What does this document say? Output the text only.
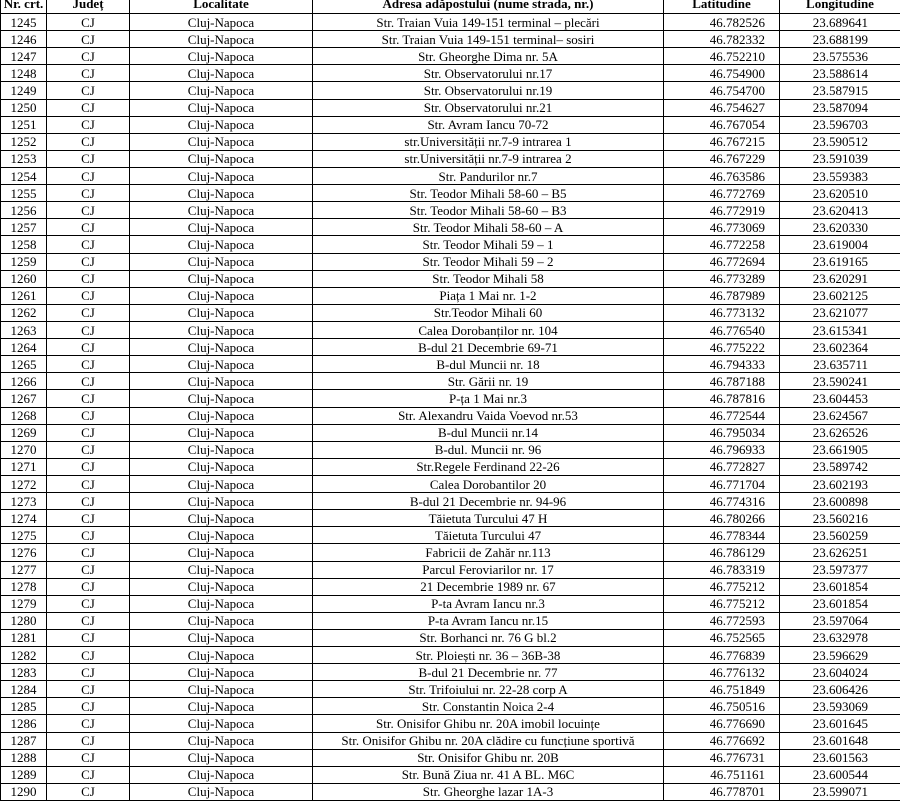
Nr. crt.	Județ	Localitate	Adresa adăpostului (nume strada, nr.)	Latitudine	Longitudine
1245	CJ	Cluj-Napoca	Str. Traian Vuia 149-151 terminal – plecări	46.782526	23.689641
1246	CJ	Cluj-Napoca	Str. Traian Vuia 149-151 terminal– sosiri	46.782332	23.688199
1247	CJ	Cluj-Napoca	Str. Gheorghe Dima nr. 5A	46.752210	23.575536
1248	CJ	Cluj-Napoca	Str. Observatorului nr.17	46.754900	23.588614
1249	CJ	Cluj-Napoca	Str. Observatorului nr.19	46.754700	23.587915
1250	CJ	Cluj-Napoca	Str. Observatorului nr.21	46.754627	23.587094
1251	CJ	Cluj-Napoca	Str. Avram Iancu 70-72	46.767054	23.596703
1252	CJ	Cluj-Napoca	str.Universității nr.7-9 intrarea 1	46.767215	23.590512
1253	CJ	Cluj-Napoca	str.Universității nr.7-9 intrarea 2	46.767229	23.591039
1254	CJ	Cluj-Napoca	Str. Pandurilor nr.7	46.763586	23.559383
1255	CJ	Cluj-Napoca	Str. Teodor Mihali 58-60 – B5	46.772769	23.620510
1256	CJ	Cluj-Napoca	Str. Teodor Mihali 58-60 – B3	46.772919	23.620413
1257	CJ	Cluj-Napoca	Str. Teodor Mihali 58-60 – A	46.773069	23.620330
1258	CJ	Cluj-Napoca	Str. Teodor Mihali 59 – 1	46.772258	23.619004
1259	CJ	Cluj-Napoca	Str. Teodor Mihali 59 – 2	46.772694	23.619165
1260	CJ	Cluj-Napoca	Str. Teodor Mihali 58	46.773289	23.620291
1261	CJ	Cluj-Napoca	Piața 1 Mai nr. 1-2	46.787989	23.602125
1262	CJ	Cluj-Napoca	Str.Teodor Mihali 60	46.773132	23.621077
1263	CJ	Cluj-Napoca	Calea Dorobanților nr. 104	46.776540	23.615341
1264	CJ	Cluj-Napoca	B-dul 21 Decembrie 69-71	46.775222	23.602364
1265	CJ	Cluj-Napoca	B-dul Muncii nr. 18	46.794333	23.635711
1266	CJ	Cluj-Napoca	Str. Gării nr. 19	46.787188	23.590241
1267	CJ	Cluj-Napoca	P-ța 1 Mai nr.3	46.787816	23.604453
1268	CJ	Cluj-Napoca	Str. Alexandru Vaida Voevod nr.53	46.772544	23.624567
1269	CJ	Cluj-Napoca	B-dul Muncii nr.14	46.795034	23.626526
1270	CJ	Cluj-Napoca	B-dul. Muncii nr. 96	46.796933	23.661905
1271	CJ	Cluj-Napoca	Str.Regele Ferdinand 22-26	46.772827	23.589742
1272	CJ	Cluj-Napoca	Calea Dorobantilor 20	46.771704	23.602193
1273	CJ	Cluj-Napoca	B-dul 21 Decembrie nr. 94-96	46.774316	23.600898
1274	CJ	Cluj-Napoca	Tăietuta Turcului 47 H	46.780266	23.560216
1275	CJ	Cluj-Napoca	Tăietuta Turcului 47	46.778344	23.560259
1276	CJ	Cluj-Napoca	Fabricii de Zahăr nr.113	46.786129	23.626251
1277	CJ	Cluj-Napoca	Parcul Feroviarilor nr. 17	46.783319	23.597377
1278	CJ	Cluj-Napoca	21 Decembrie 1989 nr. 67	46.775212	23.601854
1279	CJ	Cluj-Napoca	P-ta Avram Iancu nr.3	46.775212	23.601854
1280	CJ	Cluj-Napoca	P-ta Avram Iancu nr.15	46.772593	23.597064
1281	CJ	Cluj-Napoca	Str. Borhanci nr. 76 G bl.2	46.752565	23.632978
1282	CJ	Cluj-Napoca	Str. Ploiești nr. 36 – 36B-38	46.776839	23.596629
1283	CJ	Cluj-Napoca	B-dul 21 Decembrie nr. 77	46.776132	23.604024
1284	CJ	Cluj-Napoca	Str. Trifoiului nr. 22-28 corp A	46.751849	23.606426
1285	CJ	Cluj-Napoca	Str. Constantin Noica 2-4	46.750516	23.593069
1286	CJ	Cluj-Napoca	Str. Onisifor Ghibu nr. 20A imobil locuințe	46.776690	23.601645
1287	CJ	Cluj-Napoca	Str. Onisifor Ghibu nr. 20A clădire cu funcțiune sportivă	46.776692	23.601648
1288	CJ	Cluj-Napoca	Str. Onisifor Ghibu nr. 20B	46.776731	23.601563
1289	CJ	Cluj-Napoca	Str. Bună Ziua nr. 41 A BL. M6C	46.751161	23.600544
1290	CJ	Cluj-Napoca	Str. Gheorghe lazar 1A-3	46.778701	23.599071
